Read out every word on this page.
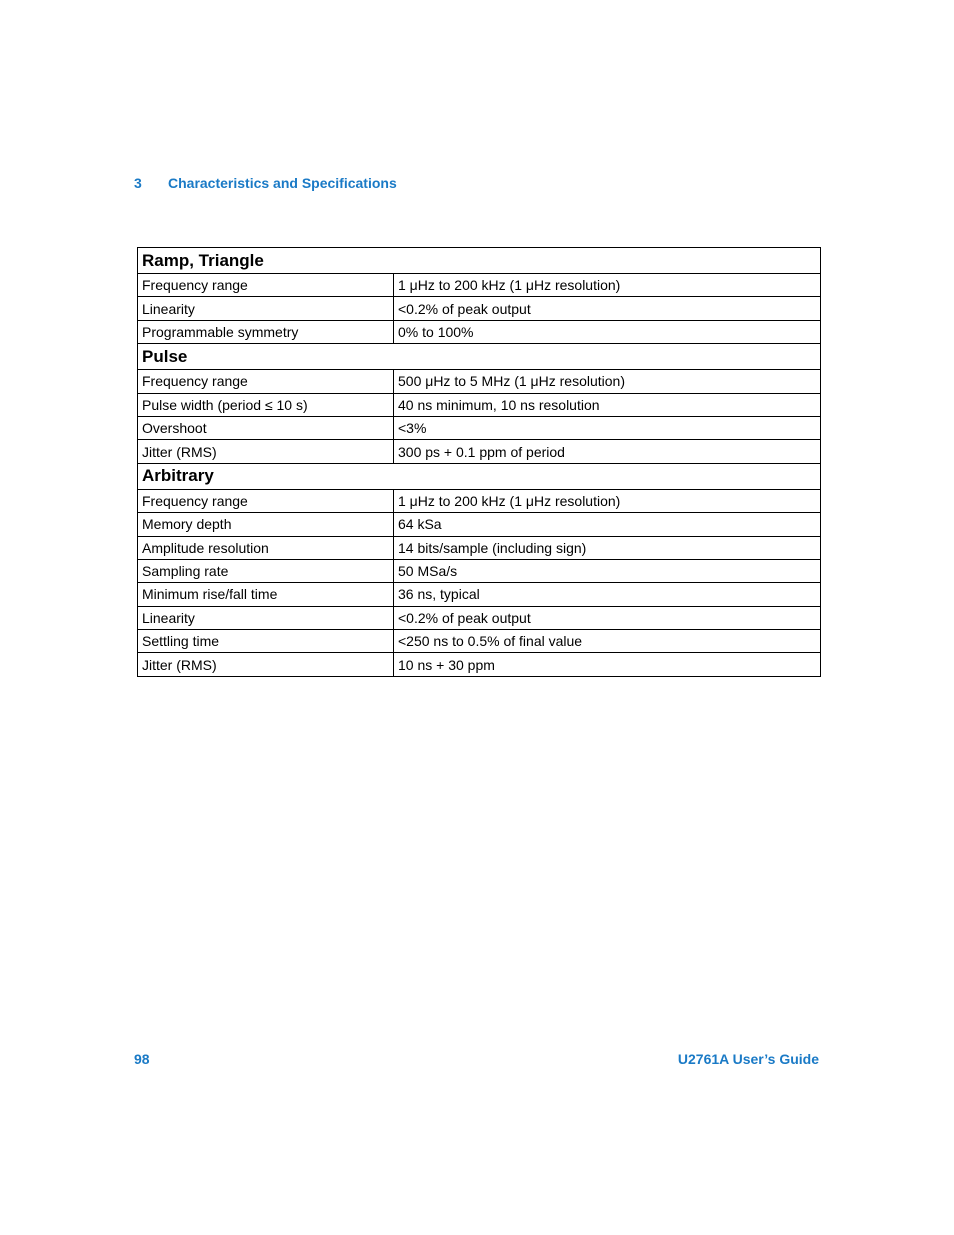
3 Characteristics and Specifications
Ramp, Triangle	
Frequency range	1 μHz to 200 kHz (1 μHz resolution)
Linearity	<0.2% of peak output
Programmable symmetry	0% to 100%
Pulse	
Frequency range	500 μHz to 5 MHz (1 μHz resolution)
Pulse width (period ≤ 10 s)	40 ns minimum, 10 ns resolution
Overshoot	<3%
Jitter (RMS)	300 ps + 0.1 ppm of period
Arbitrary	
Frequency range	1 μHz to 200 kHz (1 μHz resolution)
Memory depth	64 kSa
Amplitude resolution	14 bits/sample (including sign)
Sampling rate	50 MSa/s
Minimum rise/fall time	36 ns, typical
Linearity	<0.2% of peak output
Settling time	<250 ns to 0.5% of final value
Jitter (RMS)	10 ns + 30 ppm
98	U2761A User’s Guide
